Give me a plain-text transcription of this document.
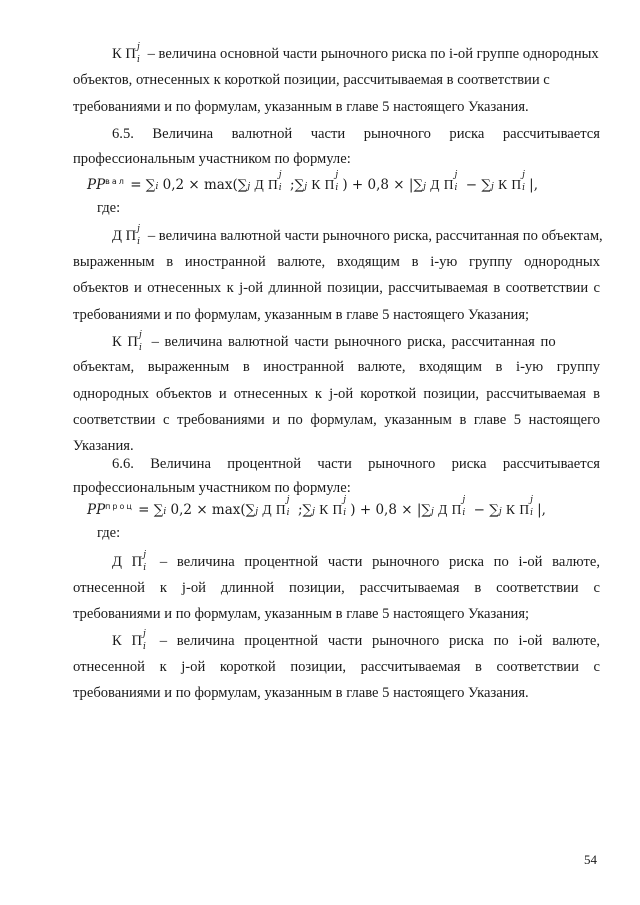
К П j
i – величина основной части рыночного риска по i-ой группе однородных
объектов, отнесенных к короткой позиции, рассчитываемая в соответствии с
требованиями и по формулам, указанным в главе 5 настоящего Указания.
6.5. Величина валютной части рыночного риска рассчитывается
профессиональным участником по формуле:
$PP^{вал} = \sum i$ 0,2 × max(∑j Д П
j
i ;∑j К П
j
i ) + 0,8 × |∑j Д П
j
i − ∑j К П
j
i |,
где:
Д П j
i – величина валютной части рыночного риска, рассчитанная по объектам,
выраженным в иностранной валюте, входящим в i-ую группу однородных
объектов и отнесенных к j-ой длинной позиции, рассчитываемая в соответствии с
требованиями и по формулам, указанным в главе 5 настоящего Указания;
К П j
i – величина валютной части рыночного риска, рассчитанная по
объектам, выраженным в иностранной валюте, входящим в i-ую группу
однородных объектов и отнесенных к j-ой короткой позиции, рассчитываемая в
соответствии с требованиями и по формулам, указанным в главе 5 настоящего
Указания.
6.6. Величина процентной части рыночного риска рассчитывается
профессиональным участником по формуле:
$PP^{проц} = \sum i$ 0,2 × max(∑j Д П
j
i ;∑j К П
j
i ) + 0,8 × |∑j Д П
j
i − ∑j К П
j
i |,
где:
Д П j
i – величина процентной части рыночного риска по i-ой валюте,
отнесенной к j-ой длинной позиции, рассчитываемая в соответствии с
требованиями и по формулам, указанным в главе 5 настоящего Указания;
К П j
i – величина процентной части рыночного риска по i-ой валюте,
отнесенной к j-ой короткой позиции, рассчитываемая в соответствии с
требованиями и по формулам, указанным в главе 5 настоящего Указания.
54
